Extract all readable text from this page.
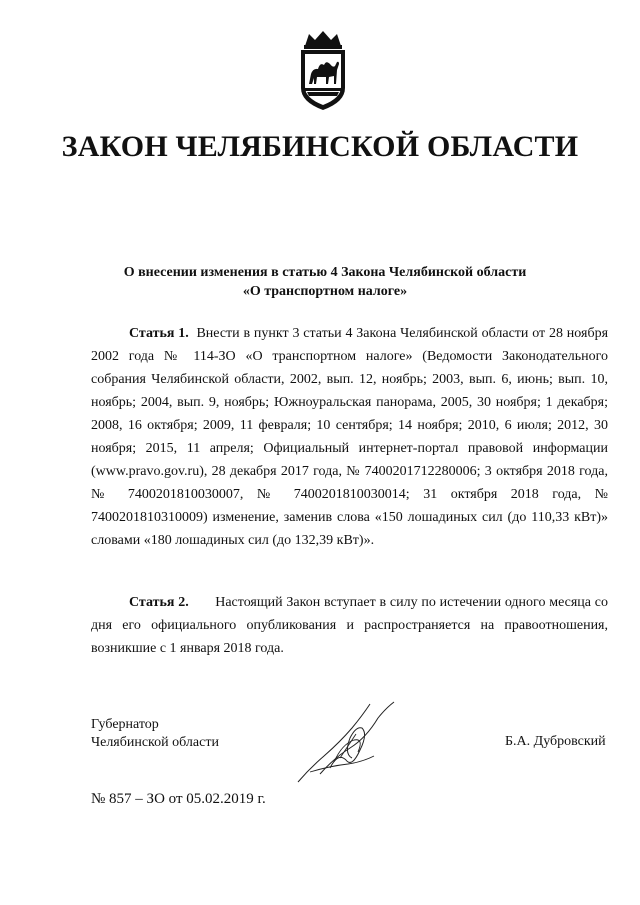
ЗАКОН ЧЕЛЯБИНСКОЙ ОБЛАСТИ
О внесении изменения в статью 4 Закона Челябинской области
«О транспортном налоге»

Статья 1. Внести в пункт 3 статьи 4 Закона Челябинской области от 28 ноября 2002 года № 114-ЗО «О транспортном налоге» (Ведомости Законодательного собрания Челябинской области, 2002, вып. 12, ноябрь; 2003, вып. 6, июнь; вып. 10, ноябрь; 2004, вып. 9, ноябрь; Южноуральская панорама, 2005, 30 ноября; 1 декабря; 2008, 16 октября; 2009, 11 февраля; 10 сентября; 14 ноября; 2010, 6 июля; 2012, 30 ноября; 2015, 11 апреля; Официальный интернет-портал правовой информации (www.pravo.gov.ru), 28 декабря 2017 года, № 7400201712280006; 3 октября 2018 года, № 7400201810030007, № 7400201810030014; 31 октября 2018 года, № 7400201810310009) изменение, заменив слова «150 лошадиных сил (до 110,33 кВт)» словами «180 лошадиных сил (до 132,39 кВт)».

Статья 2. Настоящий Закон вступает в силу по истечении одного месяца со дня его официального опубликования и распространяется на правоотношения, возникшие с 1 января 2018 года.

Губернатор
Челябинской области	Б.А. Дубровский
№ 857 – ЗО от 05.02.2019 г.
